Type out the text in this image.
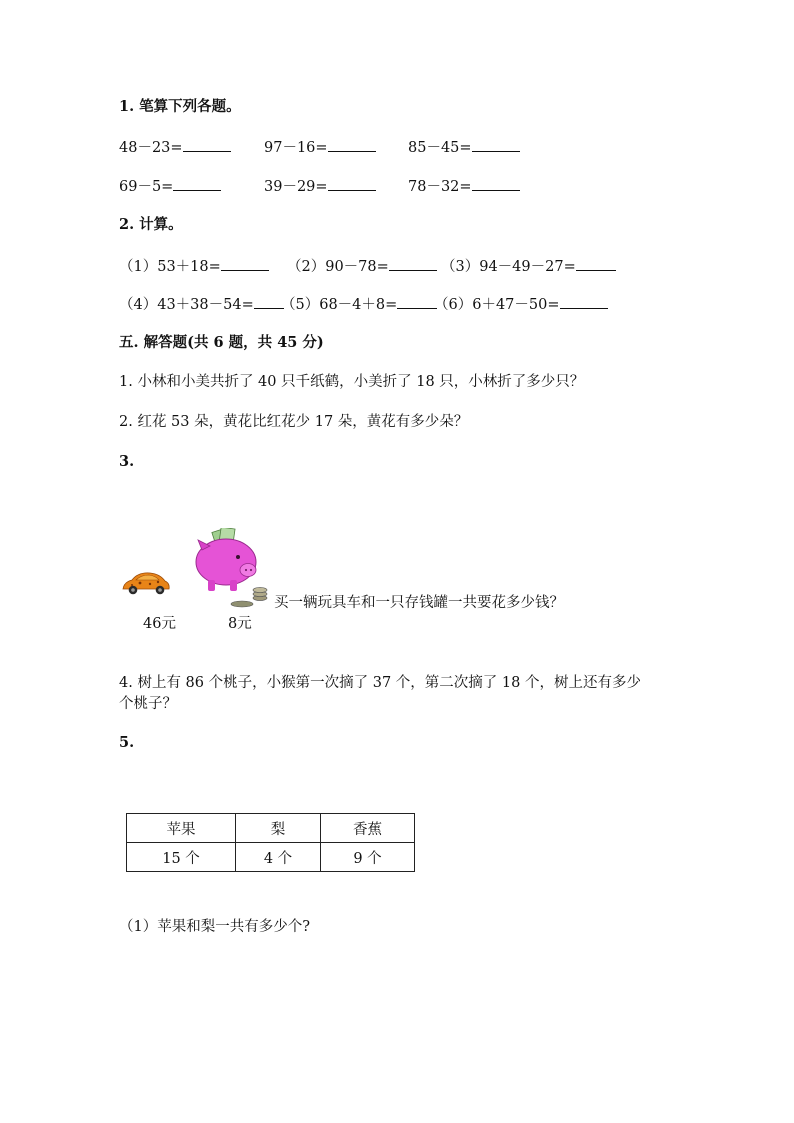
1. 笔算下列各题。
48－23=	97－16=	85－45=
69－5=	39－29=	78－32=
2. 计算。
（1）53＋18=	（2）90－78=	（3）94－49－27=
（4）43＋38－54=	（5）68－4＋8=	（6）6＋47－50=
五. 解答题(共 6 题，共 45 分)
1. 小林和小美共折了 40 只千纸鹤，小美折了 18 只，小林折了多少只？
2. 红花 53 朵，黄花比红花少 17 朵，黄花有多少朵？
3.
买一辆玩具车和一只存钱罐一共要花多少钱？
46元	8元
4. 树上有 86 个桃子，小猴第一次摘了 37 个，第二次摘了 18 个，树上还有多少
个桃子？
5.
苹果	梨	香蕉
15 个	4 个	9 个
（1）苹果和梨一共有多少个?
